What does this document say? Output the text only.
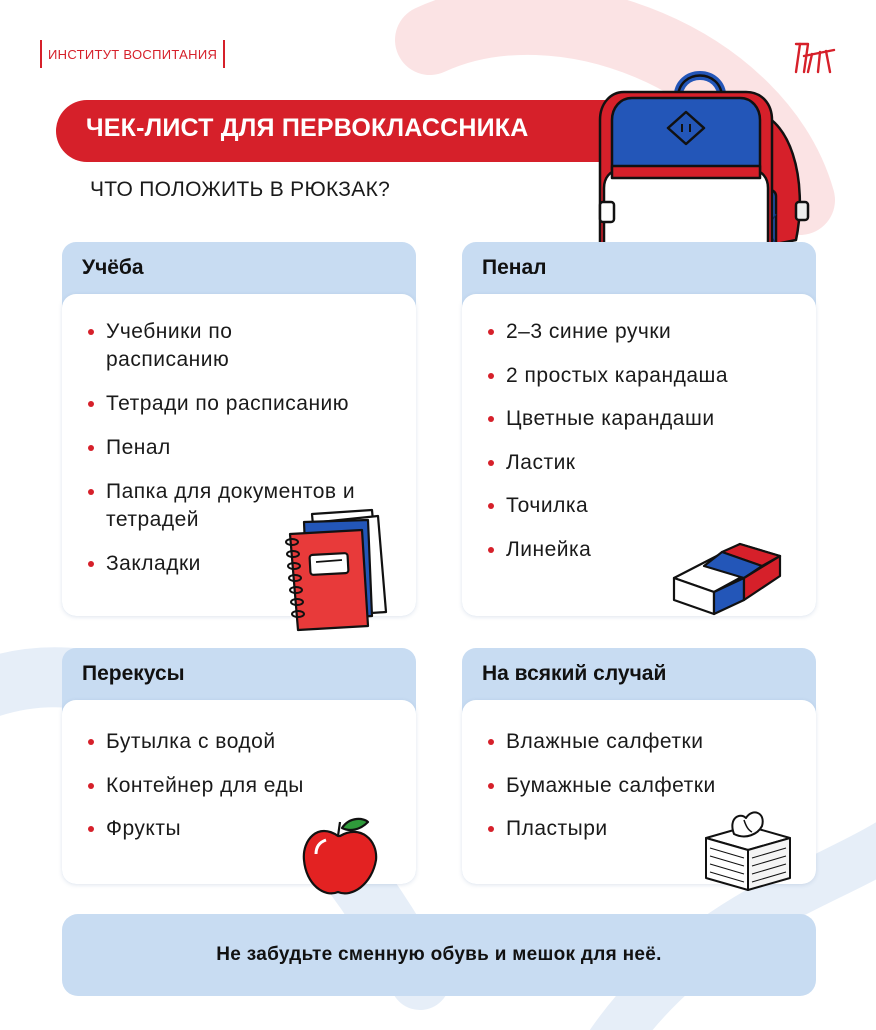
ИНСТИТУТ ВОСПИТАНИЯ
ЧЕК-ЛИСТ ДЛЯ ПЕРВОКЛАССНИКА
ЧТО ПОЛОЖИТЬ В РЮКЗАК?
Учёба
Учебники по расписанию
Тетради по расписанию
Пенал
Папка для документов и тетрадей
Закладки
Пенал
2–3 синие ручки
2 простых карандаша
Цветные карандаши
Ластик
Точилка
Линейка
Перекусы
Бутылка с водой
Контейнер для еды
Фрукты
На всякий случай
Влажные салфетки
Бумажные салфетки
Пластыри
Не забудьте сменную обувь и мешок для неё.
